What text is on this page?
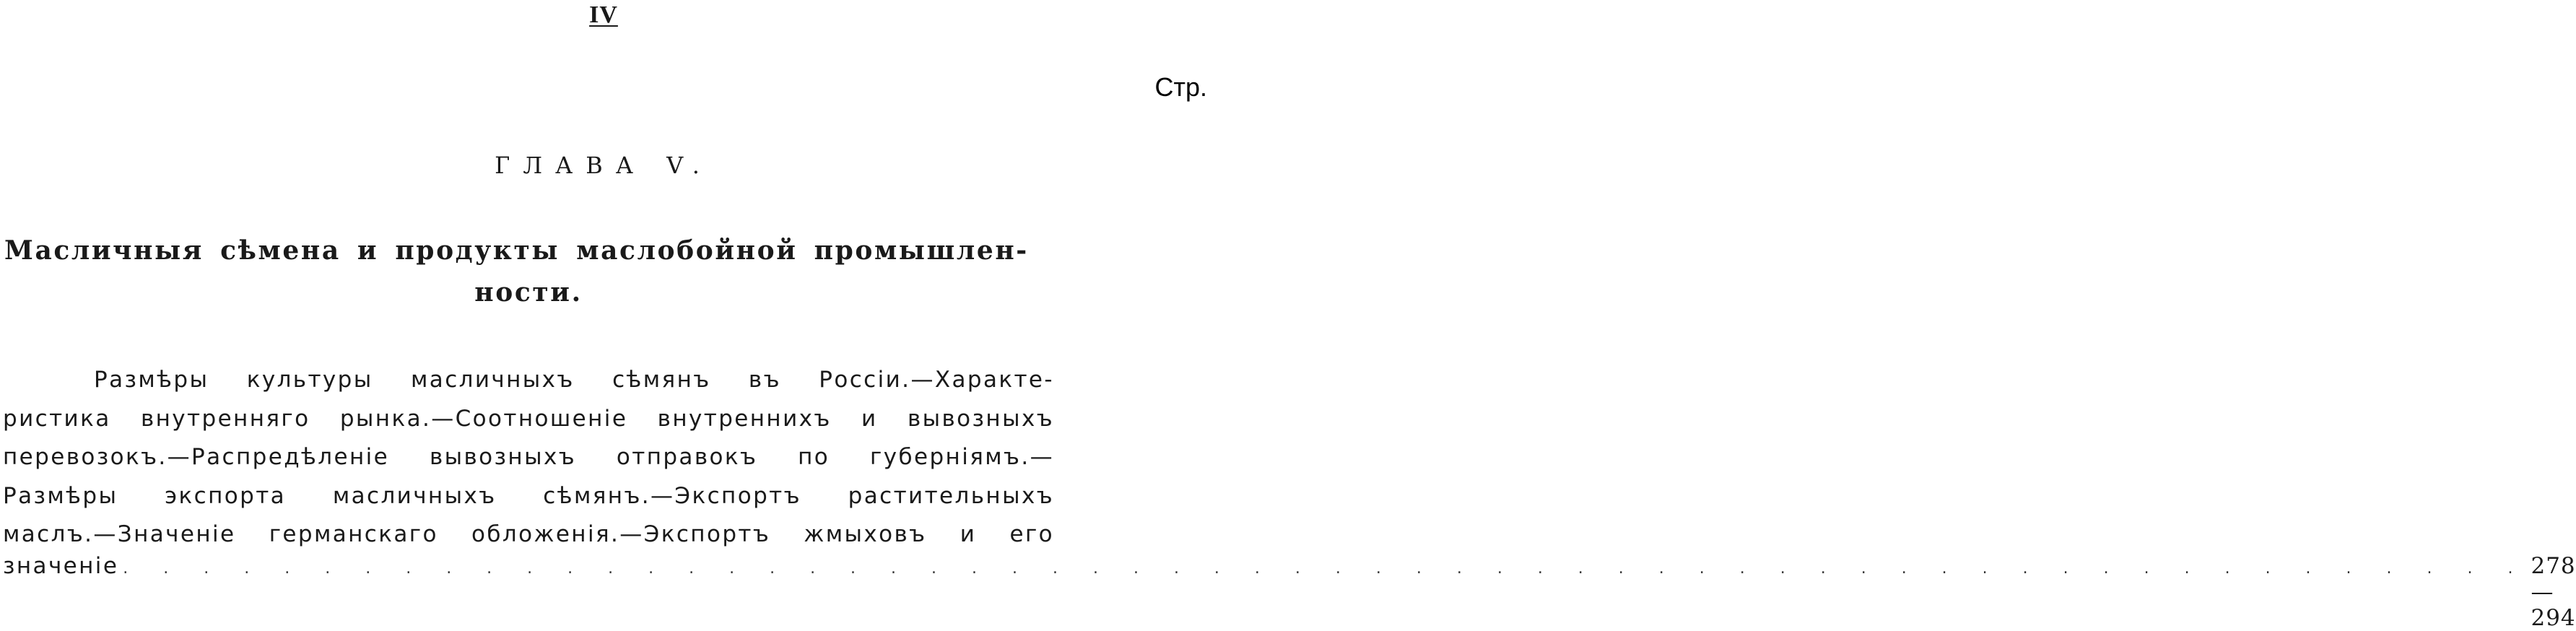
IV
Стр.
ГЛАВА V.
Масличныя сѣмена и продукты маслобойной промышлен-
ности.
Размѣры культуры масличныхъ сѣмянъ въ Россіи.—Характе-
ристика внутренняго рынка.—Соотношеніе внутреннихъ и вывозныхъ
перевозокъ.—Распредѣленіе вывозныхъ отправокъ по губерніямъ.—
Размѣры экспорта масличныхъ сѣмянъ.—Экспортъ растительныхъ
маслъ.—Значеніе германскаго обложенія.—Экспортъ жмыховъ и его
значеніе . . . . . . . . . . . . . . . . . . . . . . . . . . . . . . . . . . . . . . . . . . . . . . . . . . . . . . . . . . . . 278—294
